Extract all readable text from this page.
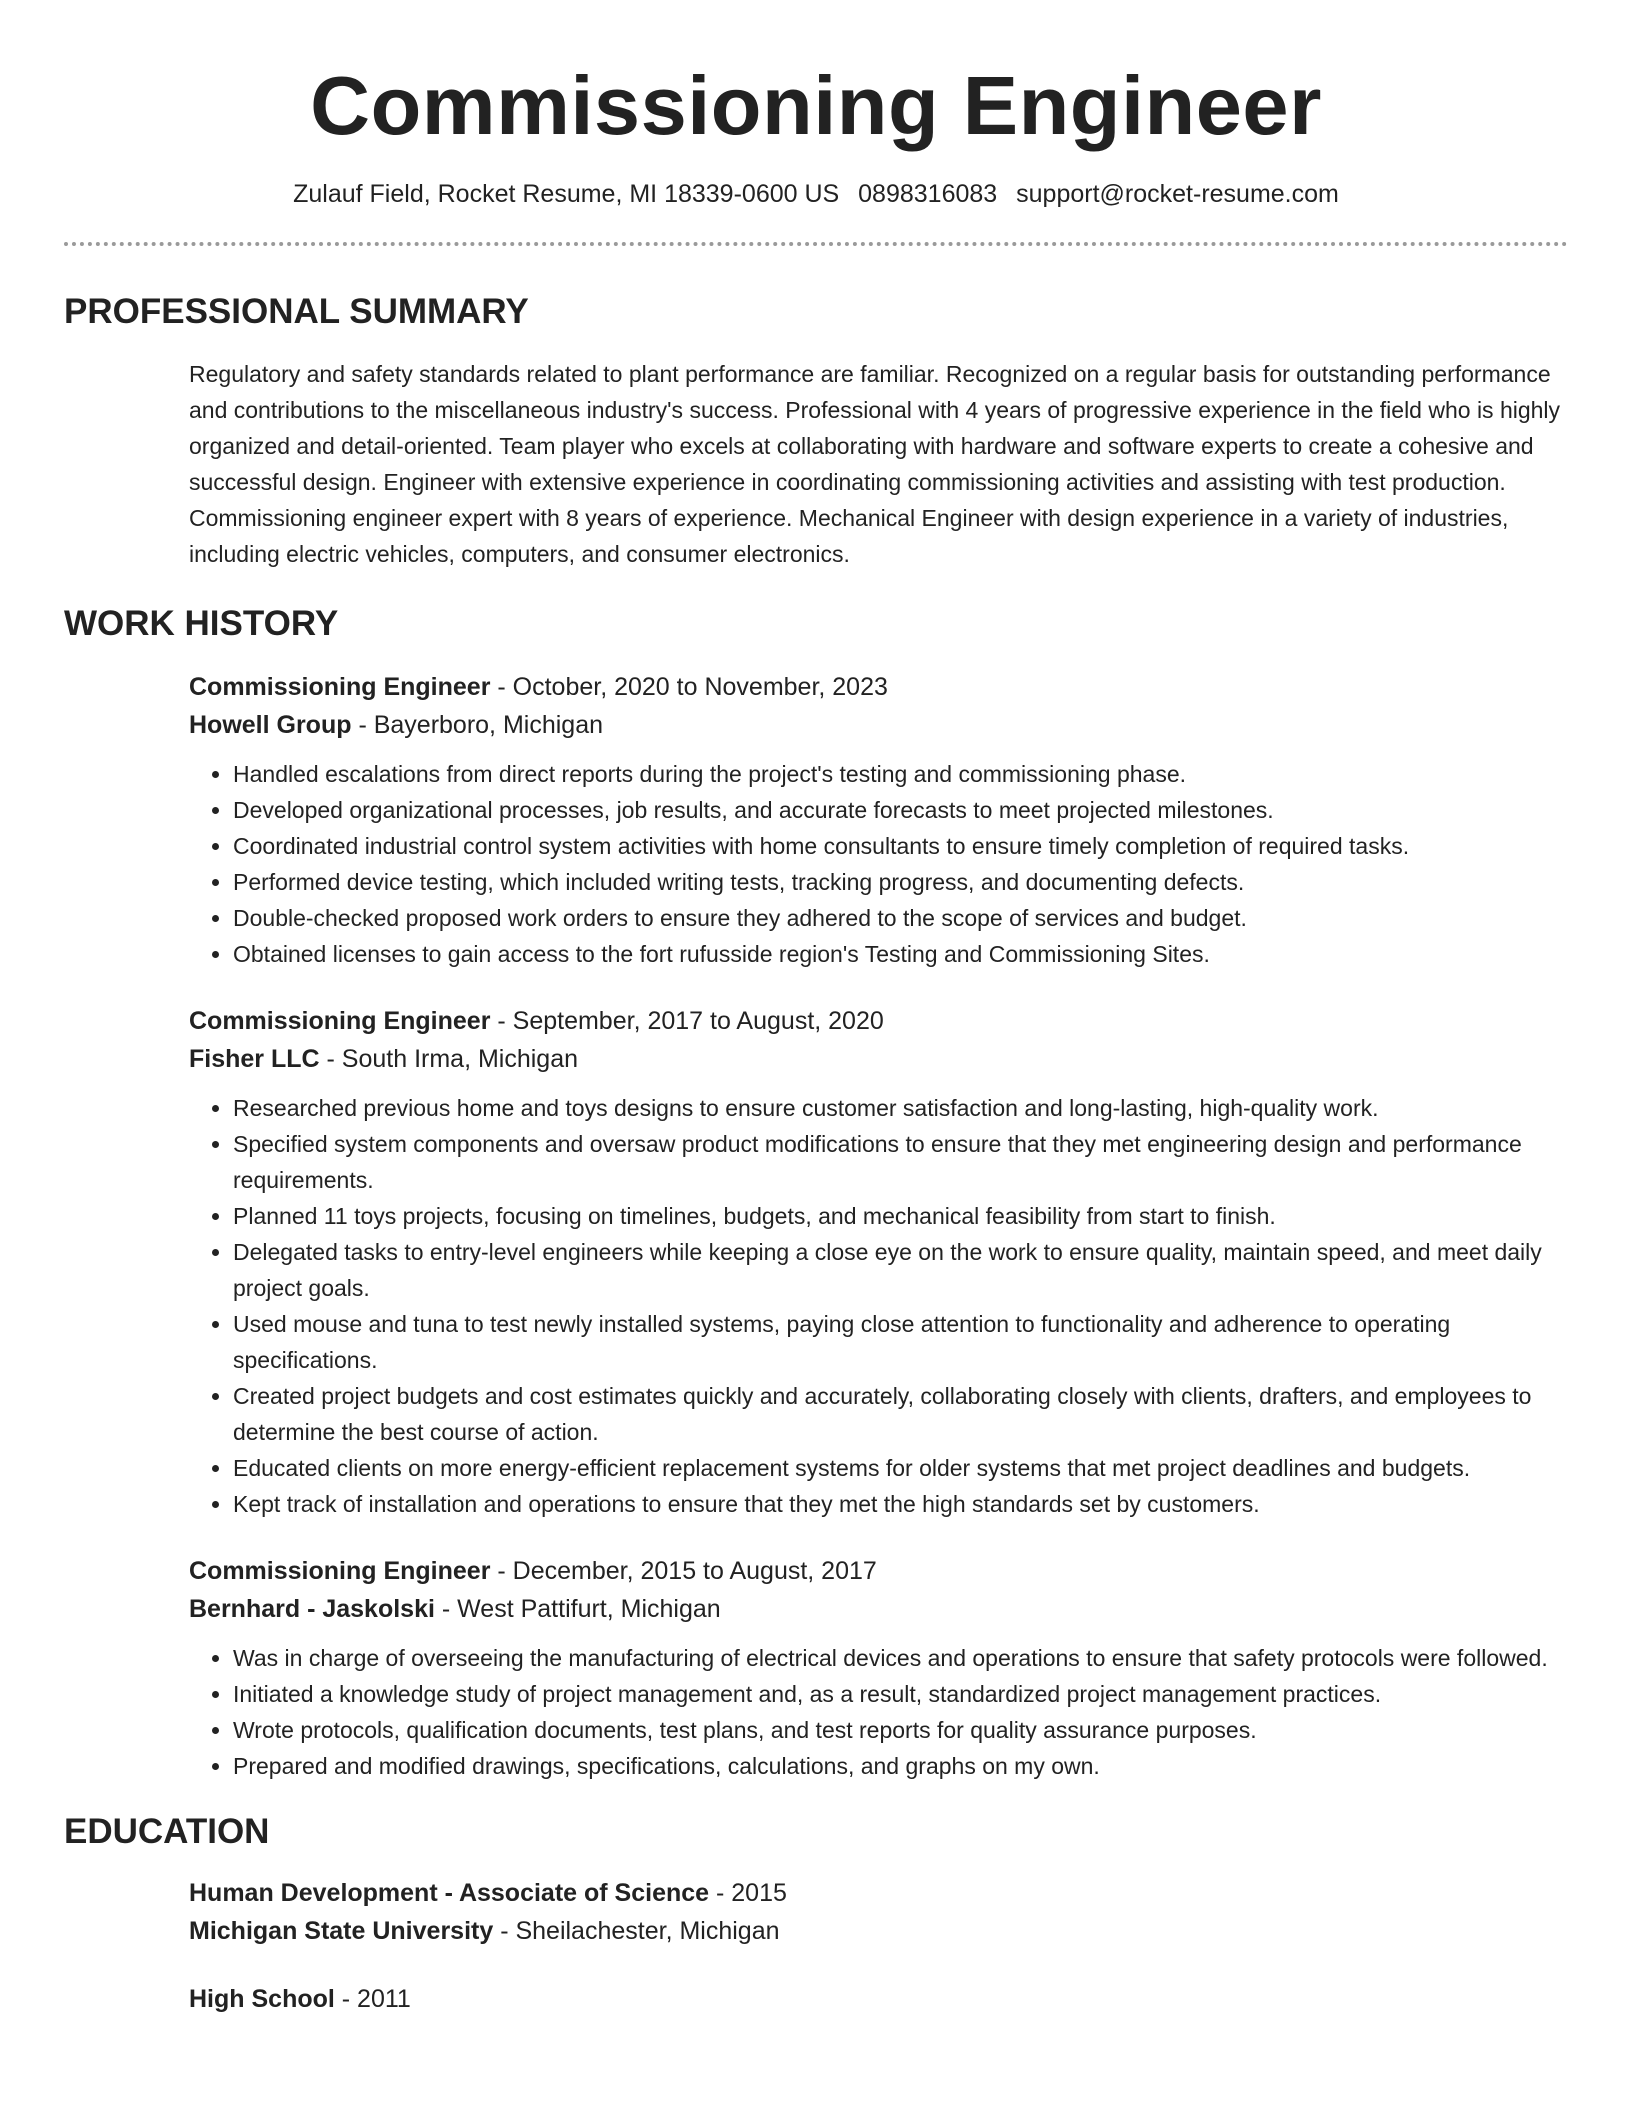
Commissioning Engineer
Zulauf Field, Rocket Resume, MI 18339-0600 US 0898316083 support@rocket-resume.com
PROFESSIONAL SUMMARY
Regulatory and safety standards related to plant performance are familiar. Recognized on a regular basis for outstanding performance and contributions to the miscellaneous industry's success. Professional with 4 years of progressive experience in the field who is highly organized and detail-oriented. Team player who excels at collaborating with hardware and software experts to create a cohesive and successful design. Engineer with extensive experience in coordinating commissioning activities and assisting with test production. Commissioning engineer expert with 8 years of experience. Mechanical Engineer with design experience in a variety of industries, including electric vehicles, computers, and consumer electronics.
WORK HISTORY
Commissioning Engineer - October, 2020 to November, 2023
Howell Group - Bayerboro, Michigan
• Handled escalations from direct reports during the project's testing and commissioning phase.
• Developed organizational processes, job results, and accurate forecasts to meet projected milestones.
• Coordinated industrial control system activities with home consultants to ensure timely completion of required tasks.
• Performed device testing, which included writing tests, tracking progress, and documenting defects.
• Double-checked proposed work orders to ensure they adhered to the scope of services and budget.
• Obtained licenses to gain access to the fort rufusside region's Testing and Commissioning Sites.
Commissioning Engineer - September, 2017 to August, 2020
Fisher LLC - South Irma, Michigan
• Researched previous home and toys designs to ensure customer satisfaction and long-lasting, high-quality work.
• Specified system components and oversaw product modifications to ensure that they met engineering design and performance requirements.
• Planned 11 toys projects, focusing on timelines, budgets, and mechanical feasibility from start to finish.
• Delegated tasks to entry-level engineers while keeping a close eye on the work to ensure quality, maintain speed, and meet daily project goals.
• Used mouse and tuna to test newly installed systems, paying close attention to functionality and adherence to operating specifications.
• Created project budgets and cost estimates quickly and accurately, collaborating closely with clients, drafters, and employees to determine the best course of action.
• Educated clients on more energy-efficient replacement systems for older systems that met project deadlines and budgets.
• Kept track of installation and operations to ensure that they met the high standards set by customers.
Commissioning Engineer - December, 2015 to August, 2017
Bernhard - Jaskolski - West Pattifurt, Michigan
• Was in charge of overseeing the manufacturing of electrical devices and operations to ensure that safety protocols were followed.
• Initiated a knowledge study of project management and, as a result, standardized project management practices.
• Wrote protocols, qualification documents, test plans, and test reports for quality assurance purposes.
• Prepared and modified drawings, specifications, calculations, and graphs on my own.
EDUCATION
Human Development - Associate of Science - 2015
Michigan State University - Sheilachester, Michigan
High School - 2011
